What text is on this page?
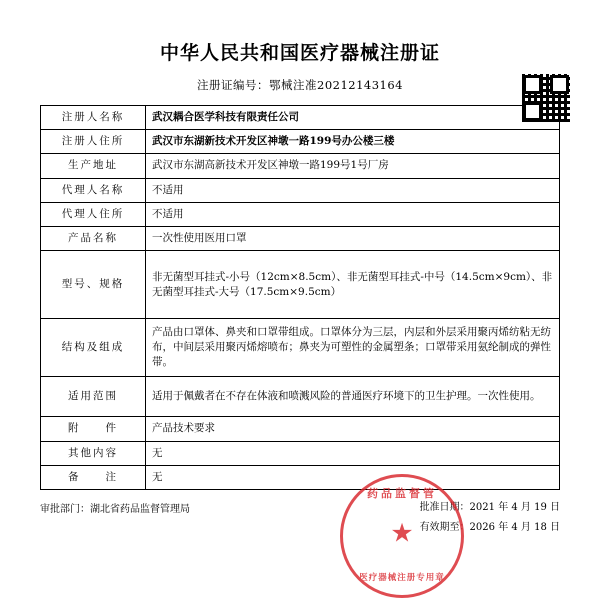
中华人民共和国医疗器械注册证
注册证编号：鄂械注准20212143164
注册人名称	武汉耦合医学科技有限责任公司
注册人住所	武汉市东湖新技术开发区神墩一路199号办公楼三楼
生产地址	武汉市东湖高新技术开发区神墩一路199号1号厂房
代理人名称	不适用
代理人住所	不适用
产品名称	一次性使用医用口罩
型号、规格	非无菌型耳挂式-小号（12cm×8.5cm）、非无菌型耳挂式-中号（14.5cm×9cm）、非无菌型耳挂式-大号（17.5cm×9.5cm）
结构及组成	产品由口罩体、鼻夹和口罩带组成。口罩体分为三层，内层和外层采用聚丙烯纺粘无纺布，中间层采用聚丙烯熔喷布；鼻夹为可塑性的金属塑条；口罩带采用氨纶制成的弹性带。
适用范围	适用于佩戴者在不存在体液和喷溅风险的普通医疗环境下的卫生护理。一次性使用。
附　　件	产品技术要求
其他内容	无
备　　注	无
审批部门：湖北省药品监督管理局	批准日期：2021 年 4 月 19 日
有效期至：2026 年 4 月 18 日
药品监督管
★
医疗器械注册专用章
